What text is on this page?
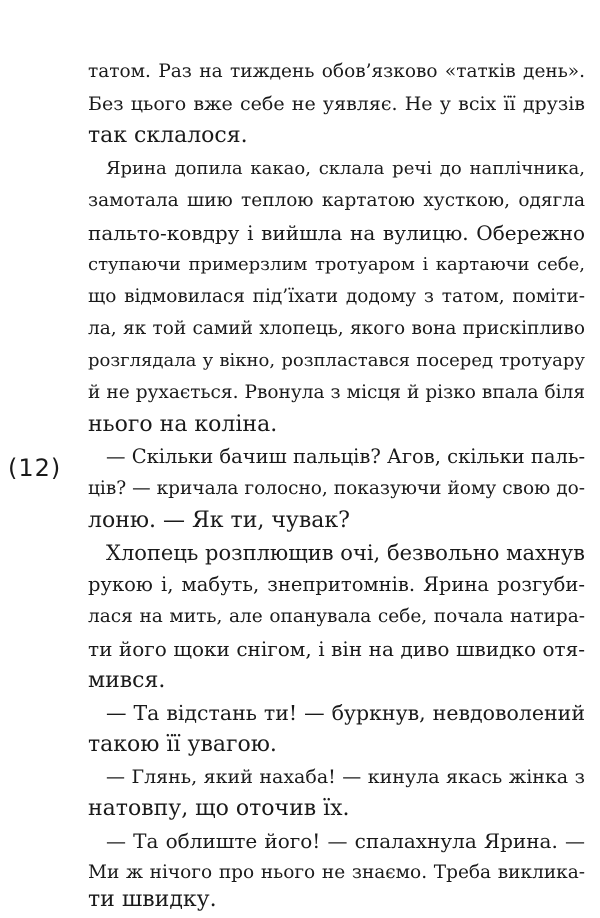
(12)
татом. Раз на тиждень обов’язково «татків день».
Без цього вже себе не уявляє. Не у всіх її друзів
так склалося.
Ярина допила какао, склала речі до наплічника,
замотала шию теплою картатою хусткою, одягла
пальто-ковдру і вийшла на вулицю. Обережно
ступаючи примерзлим тротуаром і картаючи себе,
що відмовилася під’їхати додому з татом, поміти-
ла, як той самий хлопець, якого вона прискіпливо
розглядала у вікно, розпластався посеред тротуару
й не рухається. Рвонула з місця й різко впала біля
нього на коліна.
— Скільки бачиш пальців? Агов, скільки паль-
ців? — кричала голосно, показуючи йому свою до-
лоню. — Як ти, чувак?
Хлопець розплющив очі, безвольно махнув
рукою і, мабуть, знепритомнів. Ярина розгуби-
лася на мить, але опанувала себе, почала натира-
ти його щоки снігом, і він на диво швидко отя-
мився.
— Та відстань ти! — буркнув, невдоволений
такою її увагою.
— Глянь, який нахаба! — кинула якась жінка з
натовпу, що оточив їх.
— Та облиште його! — спалахнула Ярина. —
Ми ж нічого про нього не знаємо. Треба виклика-
ти швидку.
